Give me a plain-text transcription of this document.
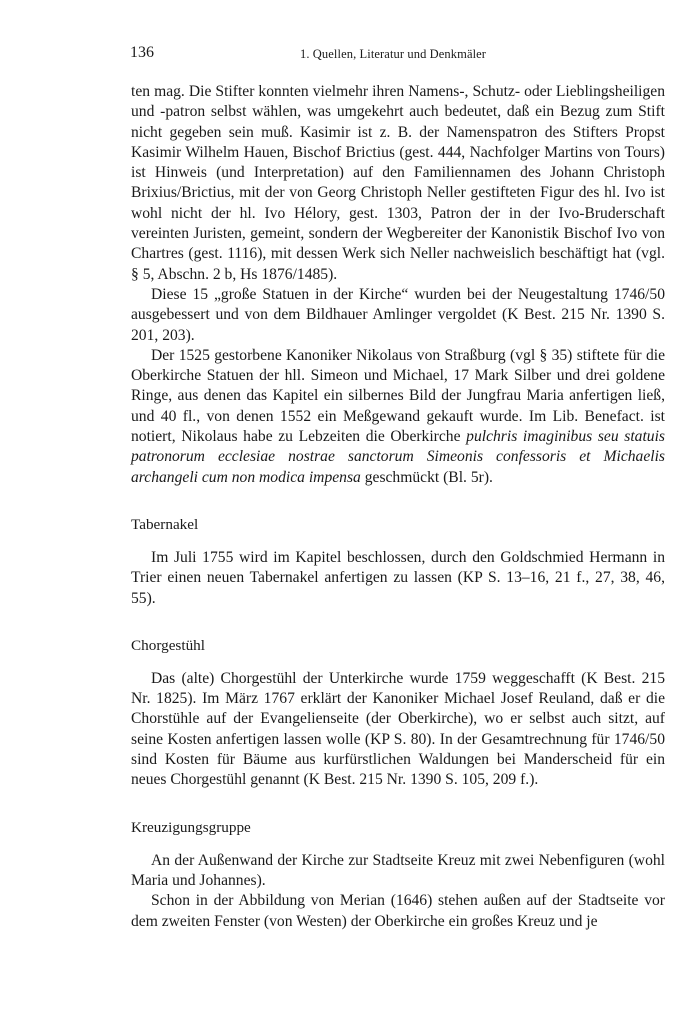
136	1. Quellen, Literatur und Denkmäler

ten mag. Die Stifter konnten vielmehr ihren Namens-, Schutz- oder Lieblingsheiligen und -patron selbst wählen, was umgekehrt auch bedeutet, daß ein Bezug zum Stift nicht gegeben sein muß. Kasimir ist z. B. der Namenspatron des Stifters Propst Kasimir Wilhelm Hauen, Bischof Brictius (gest. 444, Nachfolger Martins von Tours) ist Hinweis (und Interpretation) auf den Familiennamen des Johann Christoph Brixius/Brictius, mit der von Georg Christoph Neller gestifteten Figur des hl. Ivo ist wohl nicht der hl. Ivo Hélory, gest. 1303, Patron der in der Ivo-Bruderschaft vereinten Juristen, gemeint, sondern der Wegbereiter der Kanonistik Bischof Ivo von Chartres (gest. 1116), mit dessen Werk sich Neller nachweislich beschäftigt hat (vgl. § 5, Abschn. 2 b, Hs 1876/1485).

Diese 15 „große Statuen in der Kirche“ wurden bei der Neugestaltung 1746/50 ausgebessert und von dem Bildhauer Amlinger vergoldet (K Best. 215 Nr. 1390 S. 201, 203).

Der 1525 gestorbene Kanoniker Nikolaus von Straßburg (vgl § 35) stiftete für die Oberkirche Statuen der hll. Simeon und Michael, 17 Mark Silber und drei goldene Ringe, aus denen das Kapitel ein silbernes Bild der Jungfrau Maria anfertigen ließ, und 40 fl., von denen 1552 ein Meßgewand gekauft wurde. Im Lib. Benefact. ist notiert, Nikolaus habe zu Lebzeiten die Oberkirche pulchris imaginibus seu statuis patronorum ecclesiae nostrae sanctorum Simeonis confessoris et Michaelis archangeli cum non modica impensa geschmückt (Bl. 5r).

Tabernakel

Im Juli 1755 wird im Kapitel beschlossen, durch den Goldschmied Hermann in Trier einen neuen Tabernakel anfertigen zu lassen (KP S. 13–16, 21 f., 27, 38, 46, 55).

Chorgestühl

Das (alte) Chorgestühl der Unterkirche wurde 1759 weggeschafft (K Best. 215 Nr. 1825). Im März 1767 erklärt der Kanoniker Michael Josef Reuland, daß er die Chorstühle auf der Evangelienseite (der Oberkirche), wo er selbst auch sitzt, auf seine Kosten anfertigen lassen wolle (KP S. 80). In der Gesamtrechnung für 1746/50 sind Kosten für Bäume aus kurfürstlichen Waldungen bei Manderscheid für ein neues Chorgestühl genannt (K Best. 215 Nr. 1390 S. 105, 209 f.).

Kreuzigungsgruppe

An der Außenwand der Kirche zur Stadtseite Kreuz mit zwei Nebenfiguren (wohl Maria und Johannes).

Schon in der Abbildung von Merian (1646) stehen außen auf der Stadtseite vor dem zweiten Fenster (von Westen) der Oberkirche ein großes Kreuz und je
